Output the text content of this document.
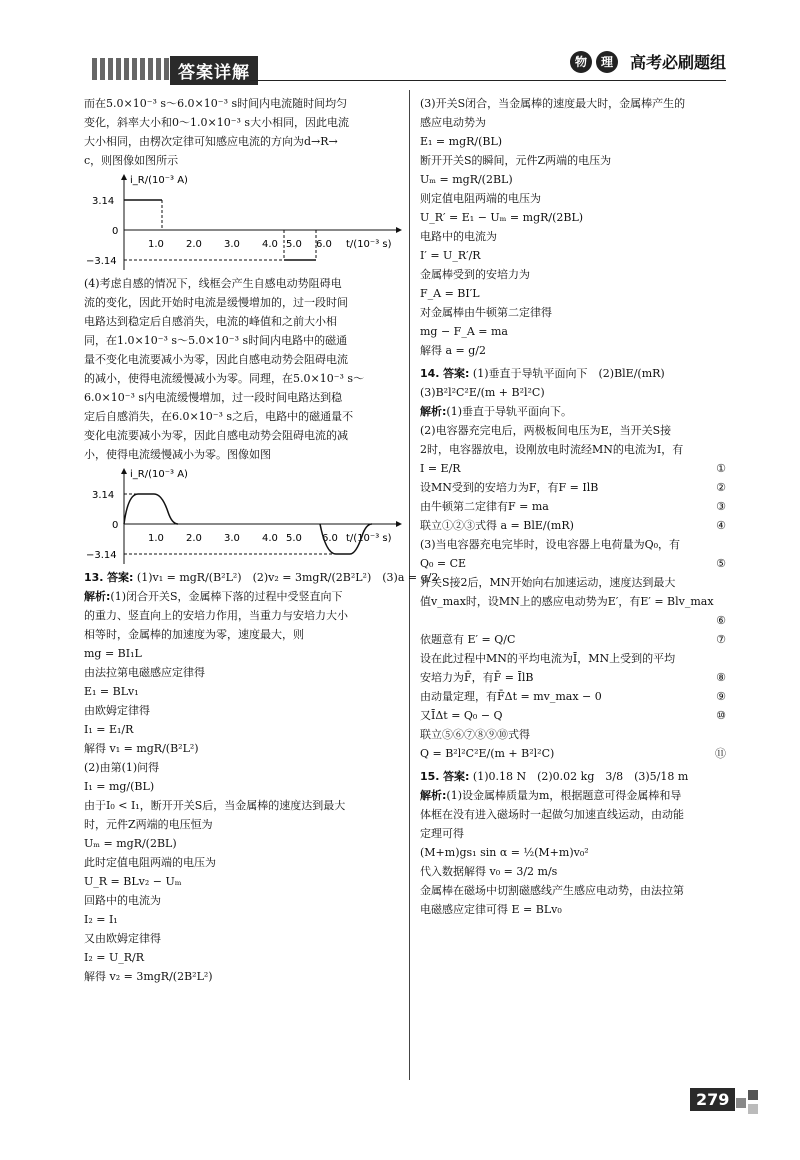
答案详解
物	理	高考必刷题组
而在5.0×10⁻³ s～6.0×10⁻³ s时间内电流随时间均匀
变化，斜率大小和0～1.0×10⁻³ s大小相同，因此电流
大小相同，由楞次定律可知感应电流的方向为d→R→
c，则图像如图所示
i_R/(10⁻³ A)
t/(10⁻³ s)
3.14
0
−3.14
1.0 2.0 3.0 4.0 5.0 6.0
(4)考虑自感的情况下，线框会产生自感电动势阻碍电
流的变化，因此开始时电流是缓慢增加的，过一段时间
电路达到稳定后自感消失，电流的峰值和之前大小相
同，在1.0×10⁻³ s～5.0×10⁻³ s时间内电路中的磁通
量不变化电流要减小为零，因此自感电动势会阻碍电流
的减小，使得电流缓慢减小为零。同理，在5.0×10⁻³ s～
6.0×10⁻³ s内电流缓慢增加，过一段时间电路达到稳
定后自感消失，在6.0×10⁻³ s之后，电路中的磁通量不
变化电流要减小为零，因此自感电动势会阻碍电流的减
小，使得电流缓慢减小为零。图像如图
i_R/(10⁻³ A)
t/(10⁻³ s)
3.14
0
−3.14
1.0 2.0 3.0 4.0 5.0 6.0
13. 答案: (1)v₁ = mgR/(B²L²)　(2)v₂ = 3mgR/(2B²L²)　(3)a = g/2
解析:(1)闭合开关S，金属棒下落的过程中受竖直向下
的重力、竖直向上的安培力作用，当重力与安培力大小
相等时，金属棒的加速度为零，速度最大，则
mg = BI₁L
由法拉第电磁感应定律得
E₁ = BLv₁
由欧姆定律得
I₁ = E₁/R
解得 v₁ = mgR/(B²L²)
(2)由第(1)问得
I₁ = mg/(BL)
由于I₀ < I₁，断开开关S后，当金属棒的速度达到最大
时，元件Z两端的电压恒为
Uₘ = mgR/(2BL)
此时定值电阻两端的电压为
U_R = BLv₂ − Uₘ
回路中的电流为
I₂ = I₁
又由欧姆定律得
I₂ = U_R/R
解得 v₂ = 3mgR/(2B²L²)
(3)开关S闭合，当金属棒的速度最大时，金属棒产生的
感应电动势为
E₁ = mgR/(BL)
断开开关S的瞬间，元件Z两端的电压为
Uₘ = mgR/(2BL)
则定值电阻两端的电压为
U_R′ = E₁ − Uₘ = mgR/(2BL)
电路中的电流为
I′ = U_R′/R
金属棒受到的安培力为
F_A = BI′L
对金属棒由牛顿第二定律得
mg − F_A = ma
解得 a = g/2
14. 答案: (1)垂直于导轨平面向下　(2)BlE/(mR)
(3)B²l²C²E/(m + B²l²C)
解析:(1)垂直于导轨平面向下。
(2)电容器充完电后，两极板间电压为E，当开关S接
2时，电容器放电，设刚放电时流经MN的电流为I，有
I = E/R	①
设MN受到的安培力为F，有F = IlB	②
由牛顿第二定律有F = ma	③
联立①②③式得 a = BlE/(mR)	④
(3)当电容器充电完毕时，设电容器上电荷量为Q₀，有
Q₀ = CE	⑤
开关S接2后，MN开始向右加速运动，速度达到最大
值v_max时，设MN上的感应电动势为E′，有E′ = Blv_max
⑥
依题意有 E′ = Q/C	⑦
设在此过程中MN的平均电流为Ī，MN上受到的平均
安培力为F̄，有F̄ = ĪlB	⑧
由动量定理，有F̄Δt = mv_max − 0	⑨
又ĪΔt = Q₀ − Q	⑩
联立⑤⑥⑦⑧⑨⑩式得
Q = B²l²C²E/(m + B²l²C)	⑪
15. 答案: (1)0.18 N　(2)0.02 kg　3/8　(3)5/18 m
解析:(1)设金属棒质量为m，根据题意可得金属棒和导
体框在没有进入磁场时一起做匀加速直线运动，由动能
定理可得
(M+m)gs₁ sin α = ½(M+m)v₀²
代入数据解得 v₀ = 3/2 m/s
金属棒在磁场中切割磁感线产生感应电动势，由法拉第
电磁感应定律可得 E = BLv₀
279
